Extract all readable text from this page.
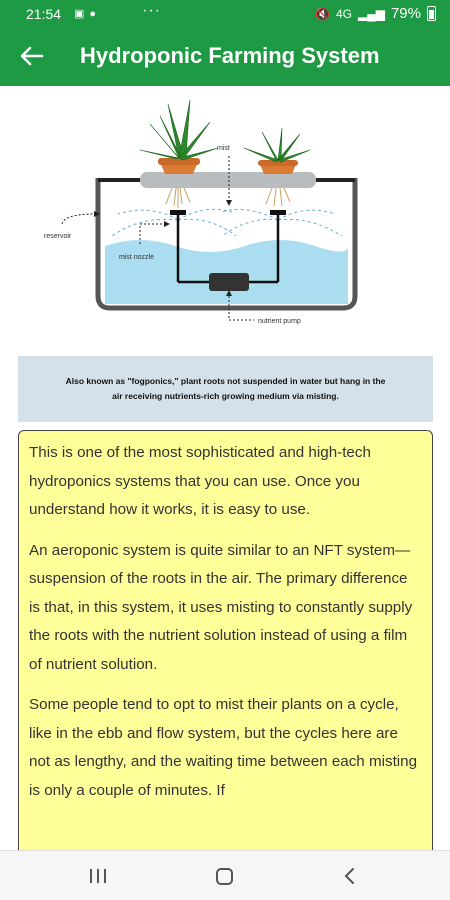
21:54 ▣●	···	🔇 4G ▂▄▆ 79%
Hydroponic Farming System
mist
reservoir
mist nozzle
nutrient pump
Also known as "fogponics," plant roots not suspended in water but hang in the air receiving nutrients-rich growing medium via misting.

This is one of the most sophisticated and high-tech hydroponics systems that you can use. Once you understand how it works, it is easy to use.

An aeroponic system is quite similar to an NFT system—suspension of the roots in the air. The primary difference is that, in this system, it uses misting to constantly supply the roots with the nutrient solution instead of using a film of nutrient solution.

Some people tend to opt to mist their plants on a cycle, like in the ebb and flow system, but the cycles here are not as lengthy, and the waiting time between each misting is only a couple of minutes. If
